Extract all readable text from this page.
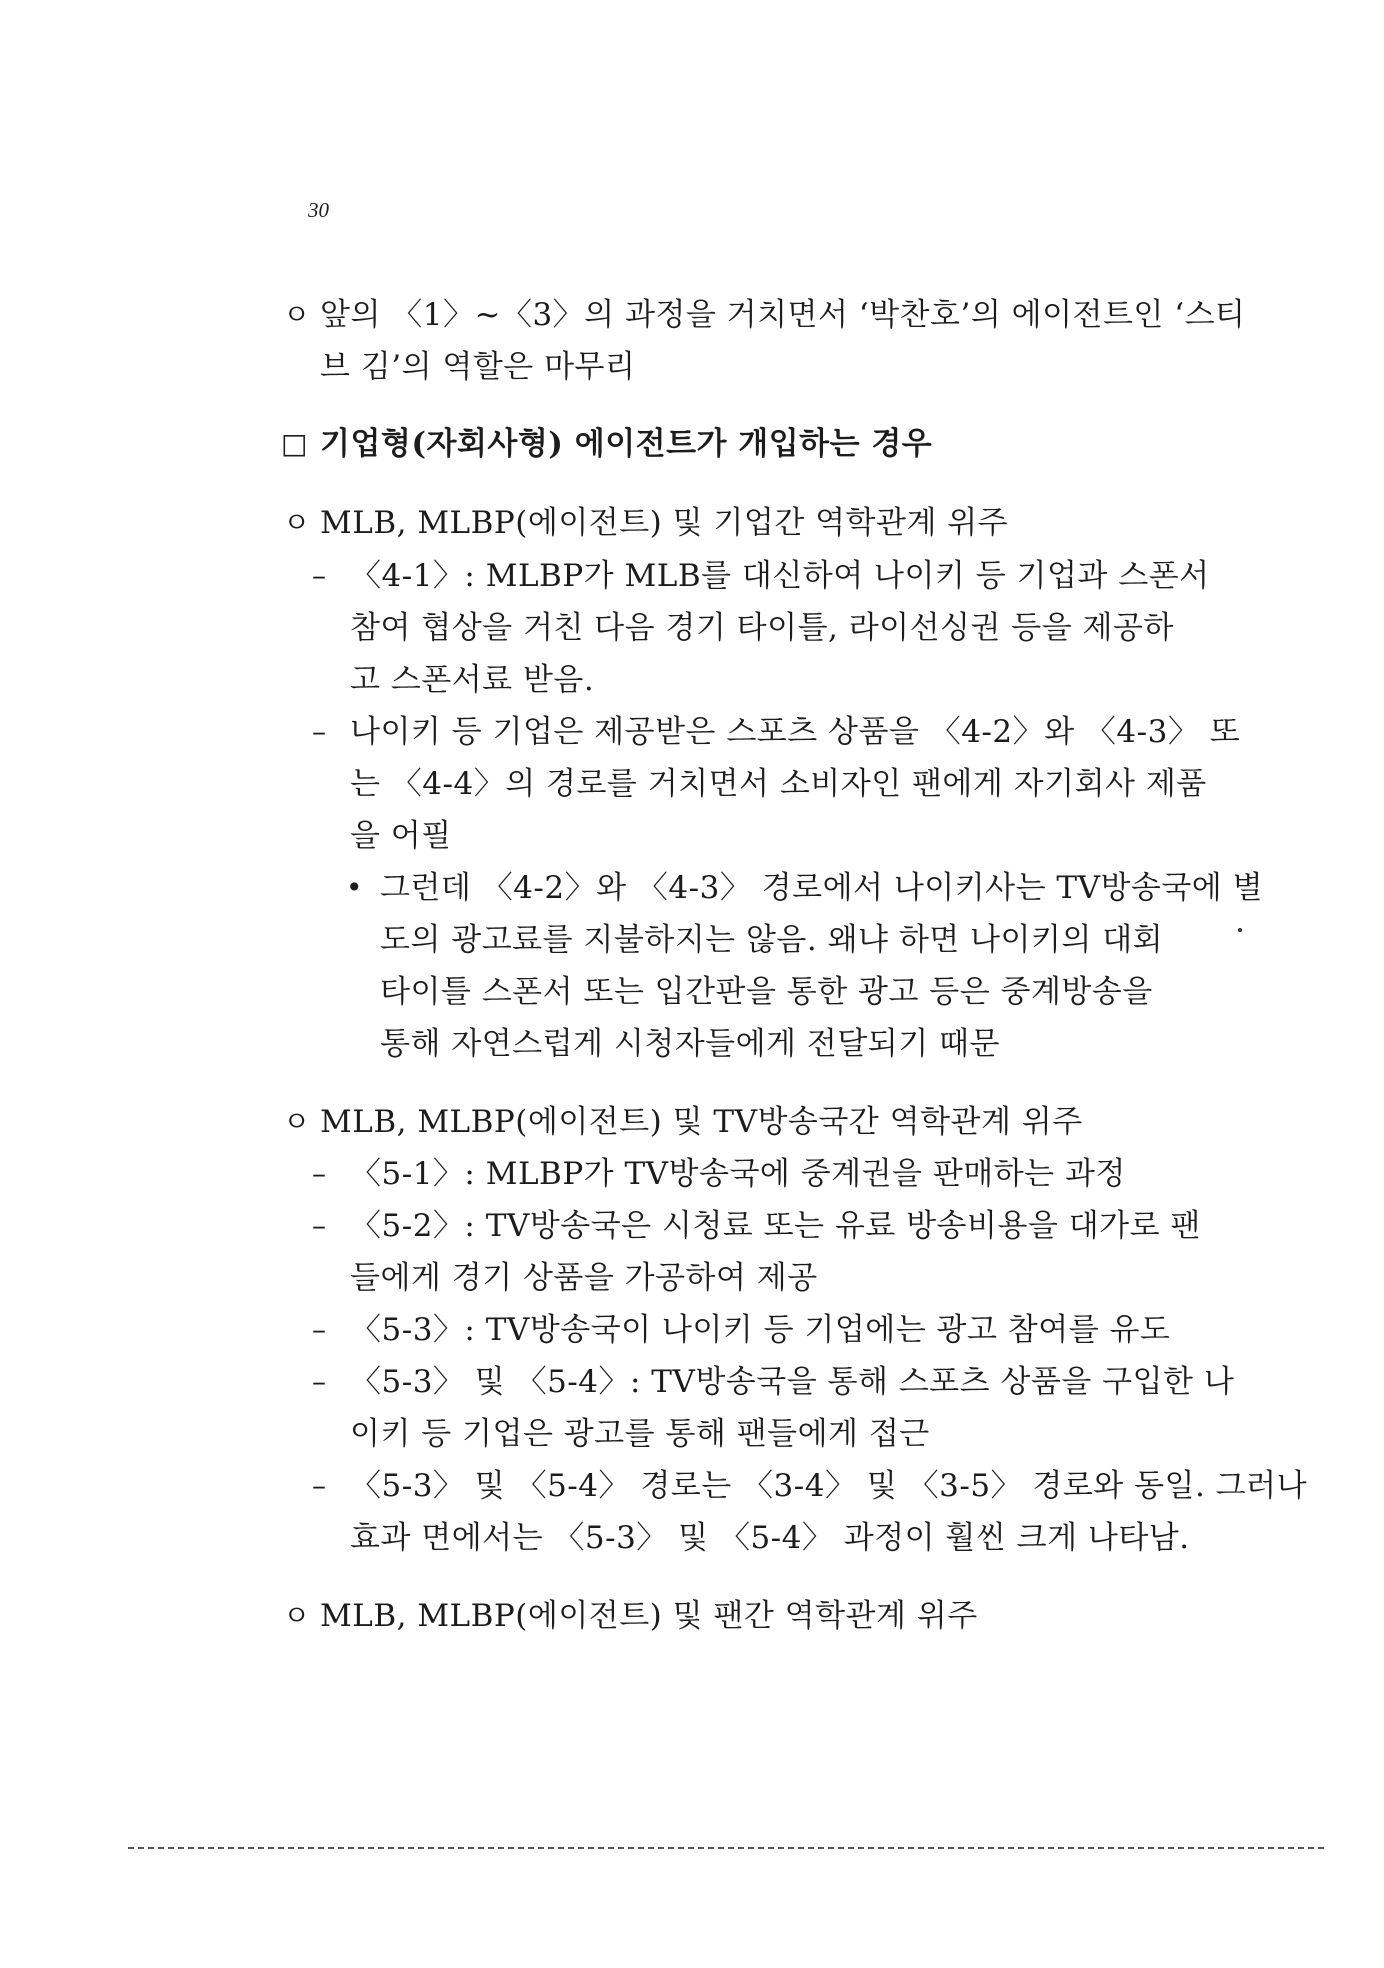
30
ㅇ 앞의 〈1〉~〈3〉의 과정을 거치면서 ‘박찬호’의 에이전트인 ‘스티
브 김’의 역할은 마무리
□ 기업형(자회사형) 에이전트가 개입하는 경우
ㅇ MLB, MLBP(에이전트) 및 기업간 역학관계 위주
– 〈4-1〉: MLBP가 MLB를 대신하여 나이키 등 기업과 스폰서
참여 협상을 거친 다음 경기 타이틀, 라이선싱권 등을 제공하
고 스폰서료 받음.
– 나이키 등 기업은 제공받은 스포츠 상품을 〈4-2〉와 〈4-3〉 또
는 〈4-4〉의 경로를 거치면서 소비자인 팬에게 자기회사 제품
을 어필
• 그런데 〈4-2〉와 〈4-3〉 경로에서 나이키사는 TV방송국에 별
도의 광고료를 지불하지는 않음. 왜냐 하면 나이키의 대회
타이틀 스폰서 또는 입간판을 통한 광고 등은 중계방송을
통해 자연스럽게 시청자들에게 전달되기 때문
ㅇ MLB, MLBP(에이전트) 및 TV방송국간 역학관계 위주
– 〈5-1〉: MLBP가 TV방송국에 중계권을 판매하는 과정
– 〈5-2〉: TV방송국은 시청료 또는 유료 방송비용을 대가로 팬
들에게 경기 상품을 가공하여 제공
– 〈5-3〉: TV방송국이 나이키 등 기업에는 광고 참여를 유도
– 〈5-3〉 및 〈5-4〉: TV방송국을 통해 스포츠 상품을 구입한 나
이키 등 기업은 광고를 통해 팬들에게 접근
– 〈5-3〉 및 〈5-4〉 경로는 〈3-4〉 및 〈3-5〉 경로와 동일. 그러나
효과 면에서는 〈5-3〉 및 〈5-4〉 과정이 훨씬 크게 나타남.
ㅇ MLB, MLBP(에이전트) 및 팬간 역학관계 위주
